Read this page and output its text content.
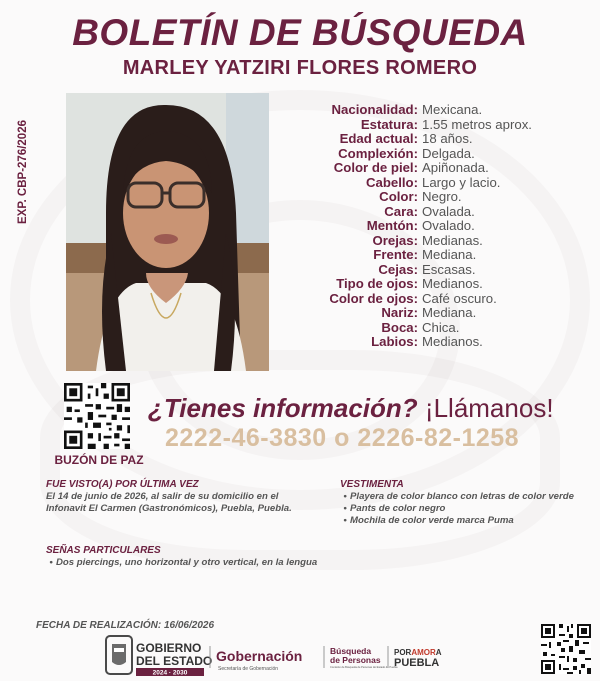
BOLETÍN DE BÚSQUEDA
MARLEY YATZIRI FLORES ROMERO
EXP. CBP-276/2026
Nacionalidad: Mexicana.
Estatura: 1.55 metros aprox.
Edad actual: 18 años.
Complexión: Delgada.
Color de piel: Apiñonada.
Cabello: Largo y lacio.
Color: Negro.
Cara: Ovalada.
Mentón: Ovalado.
Orejas: Medianas.
Frente: Mediana.
Cejas: Escasas.
Tipo de ojos: Medianos.
Color de ojos: Café oscuro.
Nariz: Mediana.
Boca: Chica.
Labios: Medianos.
BUZÓN DE PAZ
¿Tienes información? ¡Llámanos!
2222-46-3830 o 2226-82-1258
FUE VISTO(A) POR ÚLTIMA VEZ
El 14 de junio de 2026, al salir de su domicilio en el Infonavit El Carmen (Gastronómicos), Puebla, Puebla.
VESTIMENTA
• Playera de color blanco con letras de color verde
• Pants de color negro
• Mochila de color verde marca Puma
SEÑAS PARTICULARES
• Dos piercings, uno horizontal y otro vertical, en la lengua
FECHA DE REALIZACIÓN: 16/06/2026
GOBIERNO
DEL ESTADO
2024 · 2030
Gobernación
Secretaría de Gobernación
Búsqueda
de Personas
Comisión de Búsqueda de Personas del Estado de Puebla
PORAMORA
PUEBLA
